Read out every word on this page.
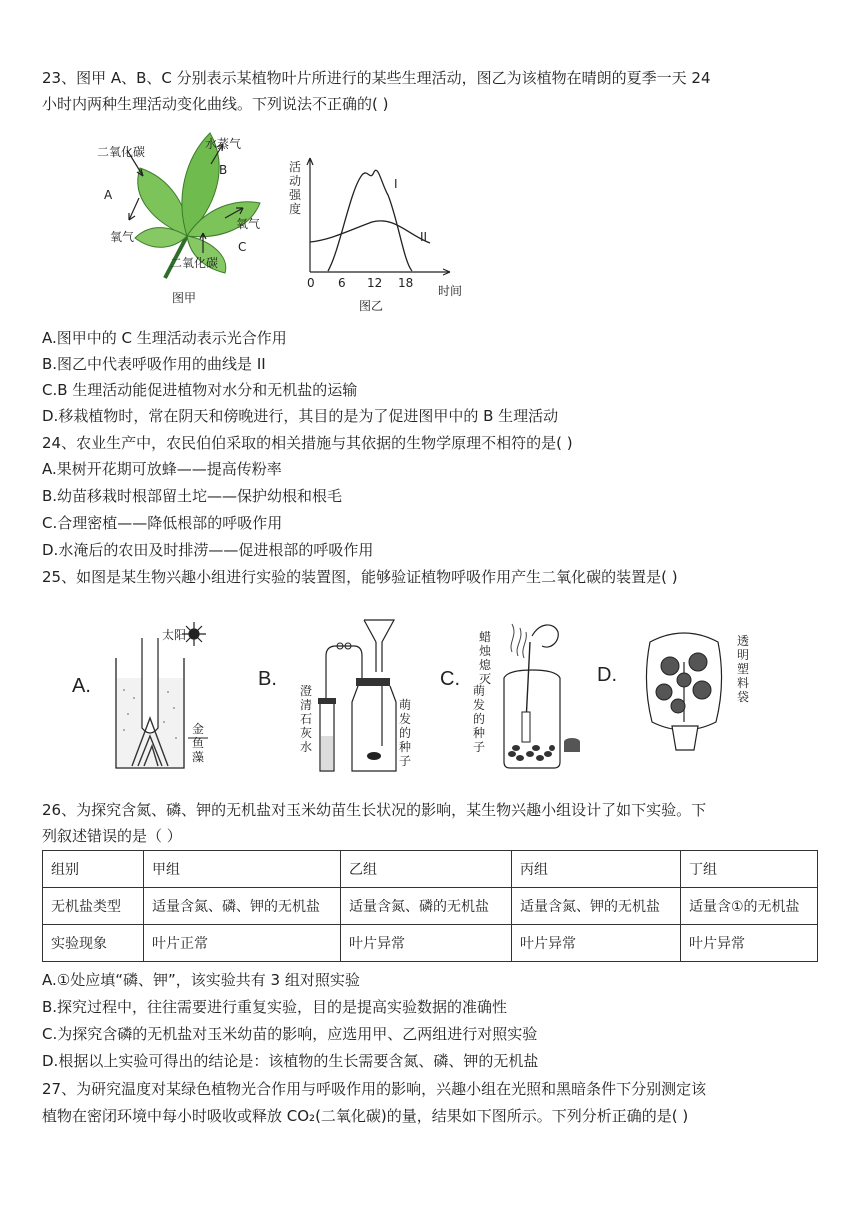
23、图甲 A、B、C 分别表示某植物叶片所进行的某些生理活动，图乙为该植物在晴朗的夏季一天 24
小时内两种生理活动变化曲线。下列说法不正确的( )
二氧化碳
水蒸气
A
B
C
氧气
氧气
二氧化碳
图甲
活动强度
I
II
0 6 12 18
时间
图乙
A.图甲中的 C 生理活动表示光合作用
B.图乙中代表呼吸作用的曲线是 II
C.B 生理活动能促进植物对水分和无机盐的运输
D.移栽植物时，常在阴天和傍晚进行，其目的是为了促进图甲中的 B 生理活动
24、农业生产中，农民伯伯采取的相关措施与其依据的生物学原理不相符的是( )
A.果树开花期可放蜂——提高传粉率
B.幼苗移栽时根部留土坨——保护幼根和根毛
C.合理密植——降低根部的呼吸作用
D.水淹后的农田及时排涝——促进根部的呼吸作用
25、如图是某生物兴趣小组进行实验的装置图，能够验证植物呼吸作用产生二氧化碳的装置是( )
A.
太阳
金鱼藻
B.
澄清石灰水
萌发的种子
C.
蜡烛熄灭
萌发的种子
D.
透明塑料袋
26、为探究含氮、磷、钾的无机盐对玉米幼苗生长状况的影响，某生物兴趣小组设计了如下实验。下
列叙述错误的是（ ）
组别	甲组	乙组	丙组	丁组
无机盐类型	适量含氮、磷、钾的无机盐	适量含氮、磷的无机盐	适量含氮、钾的无机盐	适量含①的无机盐
实验现象	叶片正常	叶片异常	叶片异常	叶片异常
A.①处应填“磷、钾”，该实验共有 3 组对照实验
B.探究过程中，往往需要进行重复实验，目的是提高实验数据的准确性
C.为探究含磷的无机盐对玉米幼苗的影响，应选用甲、乙两组进行对照实验
D.根据以上实验可得出的结论是：该植物的生长需要含氮、磷、钾的无机盐
27、为研究温度对某绿色植物光合作用与呼吸作用的影响，兴趣小组在光照和黑暗条件下分别测定该
植物在密闭环境中每小时吸收或释放 CO₂(二氧化碳)的量，结果如下图所示。下列分析正确的是( )
